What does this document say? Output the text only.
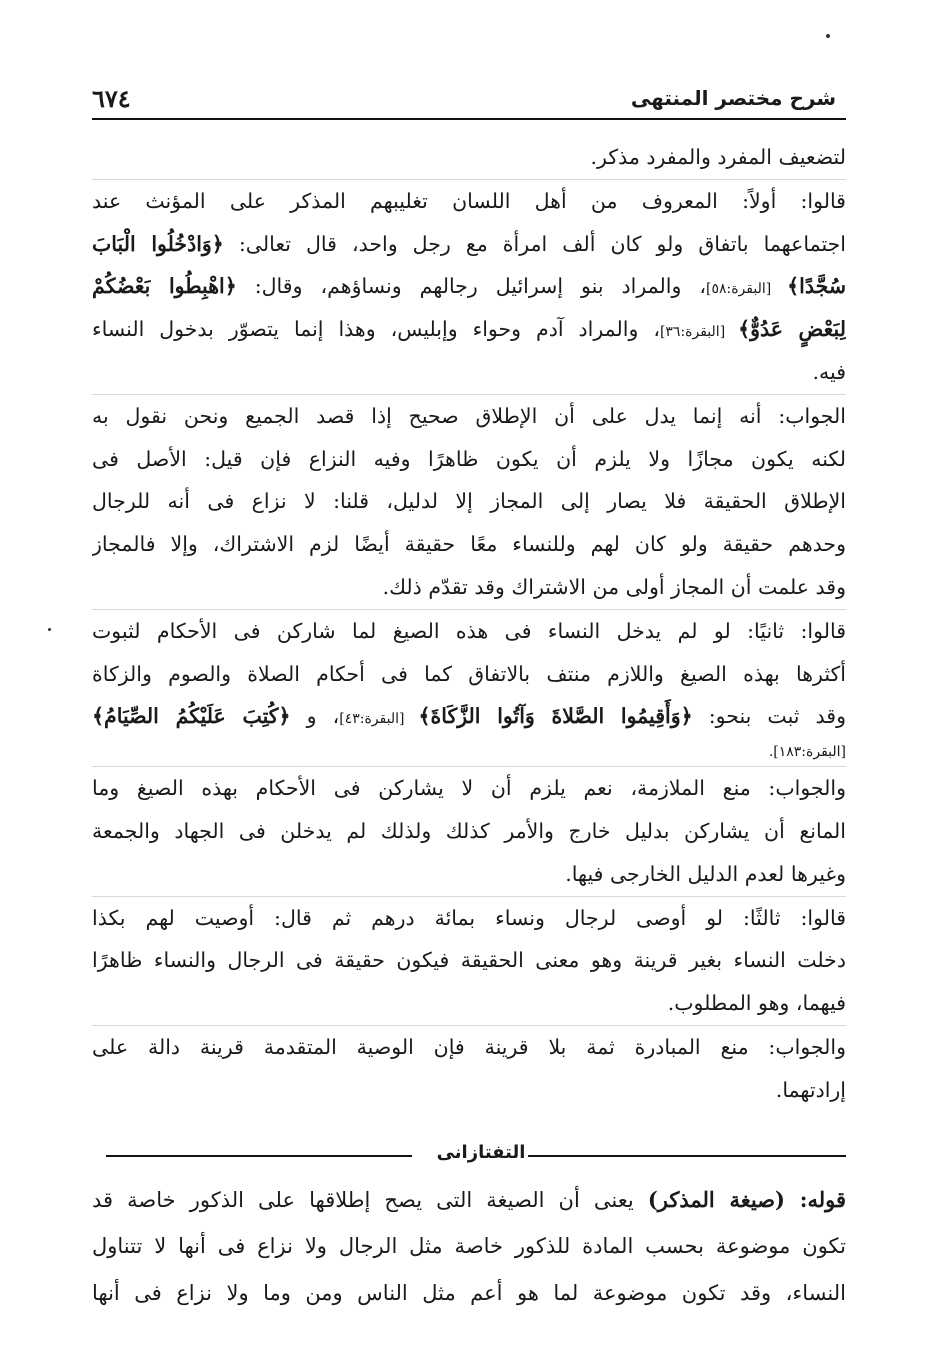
شرح مختصر المنتهى
٦٧٤
لتضعيف المفرد والمفرد مذكر.
قالوا: أولاً: المعروف من أهل اللسان تغليبهم المذكر على المؤنث عند
اجتماعهما باتفاق ولو كان ألف امرأة مع رجل واحد، قال تعالى: ﴿وَادْخُلُوا الْبَابَ
سُجَّدًا﴾ [البقرة:٥٨]، والمراد بنو إسرائيل رجالهم ونساؤهم، وقال: ﴿اهْبِطُوا بَعْضُكُمْ
لِبَعْضٍ عَدُوٌّ﴾ [البقرة:٣٦]، والمراد آدم وحواء وإبليس، وهذا إنما يتصوّر بدخول النساء
فيه.
الجواب: أنه إنما يدل على أن الإطلاق صحيح إذا قصد الجميع ونحن نقول به
لكنه يكون مجازًا ولا يلزم أن يكون ظاهرًا وفيه النزاع فإن قيل: الأصل فى
الإطلاق الحقيقة فلا يصار إلى المجاز إلا لدليل، قلنا: لا نزاع فى أنه للرجال
وحدهم حقيقة ولو كان لهم وللنساء معًا حقيقة أيضًا لزم الاشتراك، وإلا فالمجاز
وقد علمت أن المجاز أولى من الاشتراك وقد تقدّم ذلك.
قالوا: ثانيًا: لو لم يدخل النساء فى هذه الصيغ لما شاركن فى الأحكام لثبوت
أكثرها بهذه الصيغ واللازم منتف بالاتفاق كما فى أحكام الصلاة والصوم والزكاة
وقد ثبت بنحو: ﴿وَأَقِيمُوا الصَّلاةَ وَآتُوا الزَّكَاةَ﴾ [البقرة:٤٣]، و ﴿كُتِبَ عَلَيْكُمُ الصِّيَامُ﴾
[البقرة:١٨٣].
والجواب: منع الملازمة، نعم يلزم أن لا يشاركن فى الأحكام بهذه الصيغ وما
المانع أن يشاركن بدليل خارج والأمر كذلك ولذلك لم يدخلن فى الجهاد والجمعة
وغيرها لعدم الدليل الخارجى فيها.
قالوا: ثالثًا: لو أوصى لرجال ونساء بمائة درهم ثم قال: أوصيت لهم بكذا
دخلت النساء بغير قرينة وهو معنى الحقيقة فيكون حقيقة فى الرجال والنساء ظاهرًا
فيهما، وهو المطلوب.
والجواب: منع المبادرة ثمة بلا قرينة فإن الوصية المتقدمة قرينة دالة على
إرادتهما.
التفتازانى
قوله: (صيغة المذكر) يعنى أن الصيغة التى يصح إطلاقها على الذكور خاصة قد
تكون موضوعة بحسب المادة للذكور خاصة مثل الرجال ولا نزاع فى أنها لا تتناول
النساء، وقد تكون موضوعة لما هو أعم مثل الناس ومن وما ولا نزاع فى أنها
